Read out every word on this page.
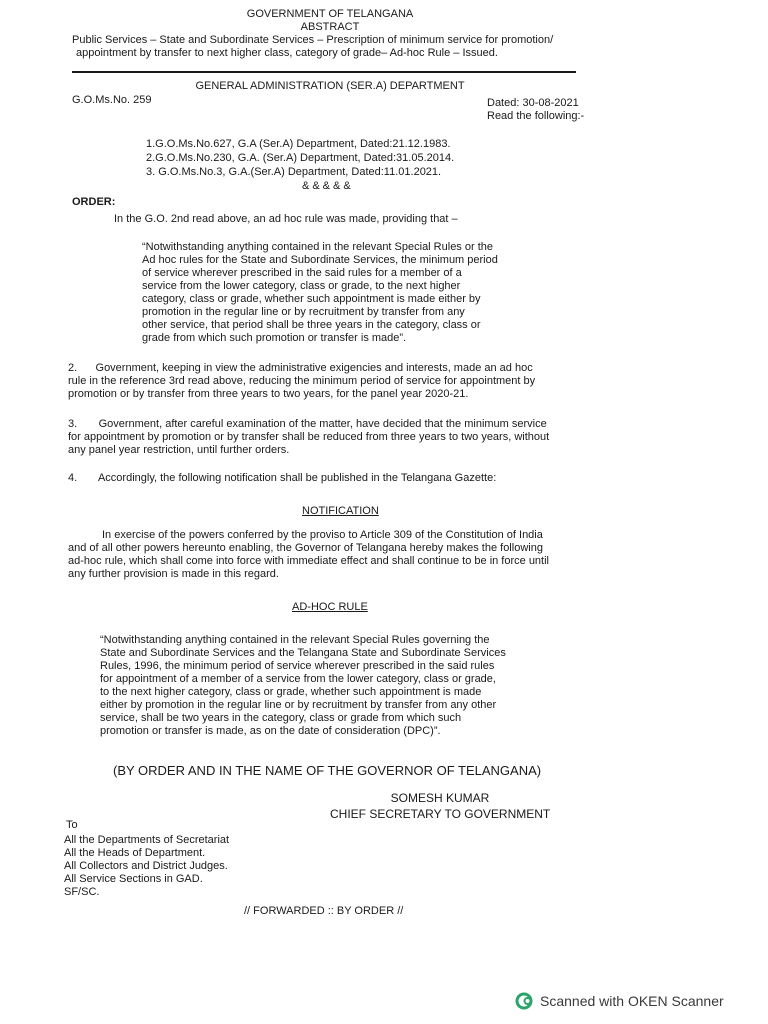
GOVERNMENT OF TELANGANA
ABSTRACT
Public Services – State and Subordinate Services – Prescription of minimum service for promotion/
appointment by transfer to next higher class, category of grade– Ad-hoc Rule – Issued.
GENERAL ADMINISTRATION (SER.A) DEPARTMENT
G.O.Ms.No. 259	Dated: 30-08-2021
Read the following:-
1.G.O.Ms.No.627, G.A (Ser.A) Department, Dated:21.12.1983.
2.G.O.Ms.No.230, G.A. (Ser.A) Department, Dated:31.05.2014.
3. G.O.Ms.No.3, G.A.(Ser.A) Department, Dated:11.01.2021.
&&&&&
ORDER:
In the G.O. 2nd read above, an ad hoc rule was made, providing that –
“Notwithstanding anything contained in the relevant Special Rules or the
Ad hoc rules for the State and Subordinate Services, the minimum period
of service wherever prescribed in the said rules for a member of a
service from the lower category, class or grade, to the next higher
category, class or grade, whether such appointment is made either by
promotion in the regular line or by recruitment by transfer from any
other service, that period shall be three years in the category, class or
grade from which such promotion or transfer is made”.
2.      Government, keeping in view the administrative exigencies and interests, made an ad hoc
rule in the reference 3rd read above, reducing the minimum period of service for appointment by
promotion or by transfer from three years to two years, for the panel year 2020-21.
3.       Government, after careful examination of the matter, have decided that the minimum service
for appointment by promotion or by transfer shall be reduced from three years to two years, without
any panel year restriction, until further orders.
4.       Accordingly, the following notification shall be published in the Telangana Gazette:
NOTIFICATION
In exercise of the powers conferred by the proviso to Article 309 of the Constitution of India
and of all other powers hereunto enabling, the Governor of Telangana hereby makes the following
ad-hoc rule, which shall come into force with immediate effect and shall continue to be in force until
any further provision is made in this regard.
AD-HOC RULE
“Notwithstanding anything contained in the relevant Special Rules governing the
State and Subordinate Services and the Telangana State and Subordinate Services
Rules, 1996, the minimum period of service wherever prescribed in the said rules
for appointment of a member of a service from the lower category, class or grade,
to the next higher category, class or grade, whether such appointment is made
either by promotion in the regular line or by recruitment by transfer from any other
service, shall be two years in the category, class or grade from which such
promotion or transfer is made, as on the date of consideration (DPC)”.
(BY ORDER AND IN THE NAME OF THE GOVERNOR OF TELANGANA)
SOMESH KUMAR
CHIEF SECRETARY TO GOVERNMENT
To
All the Departments of Secretariat
All the Heads of Department.
All Collectors and District Judges.
All Service Sections in GAD.
SF/SC.
// FORWARDED :: BY ORDER //
Scanned with OKEN Scanner
